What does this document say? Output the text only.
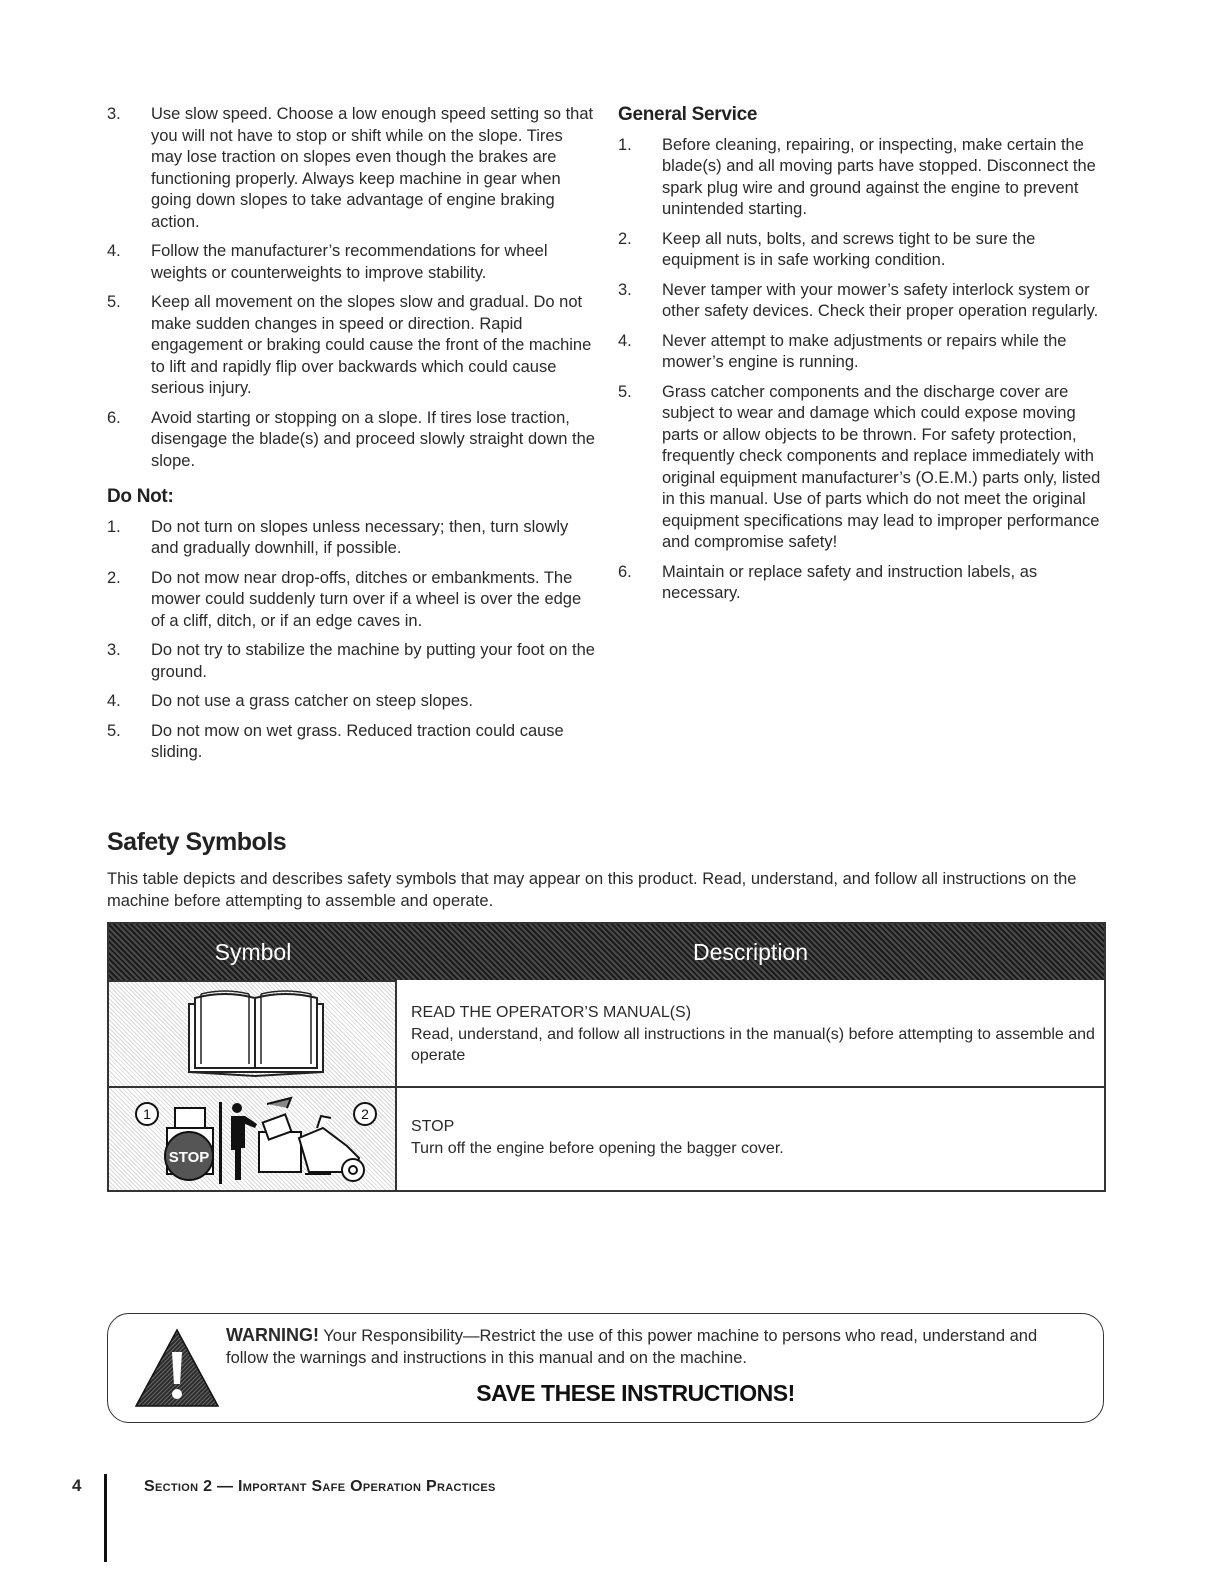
3. Use slow speed. Choose a low enough speed setting so that you will not have to stop or shift while on the slope. Tires may lose traction on slopes even though the brakes are functioning properly. Always keep machine in gear when going down slopes to take advantage of engine braking action.
4. Follow the manufacturer’s recommendations for wheel weights or counterweights to improve stability.
5. Keep all movement on the slopes slow and gradual. Do not make sudden changes in speed or direction. Rapid engagement or braking could cause the front of the machine to lift and rapidly flip over backwards which could cause serious injury.
6. Avoid starting or stopping on a slope. If tires lose traction, disengage the blade(s) and proceed slowly straight down the slope.
Do Not:
1. Do not turn on slopes unless necessary; then, turn slowly and gradually downhill, if possible.
2. Do not mow near drop-offs, ditches or embankments. The mower could suddenly turn over if a wheel is over the edge of a cliff, ditch, or if an edge caves in.
3. Do not try to stabilize the machine by putting your foot on the ground.
4. Do not use a grass catcher on steep slopes.
5. Do not mow on wet grass. Reduced traction could cause sliding.
General Service
1. Before cleaning, repairing, or inspecting, make certain the blade(s) and all moving parts have stopped. Disconnect the spark plug wire and ground against the engine to prevent unintended starting.
2. Keep all nuts, bolts, and screws tight to be sure the equipment is in safe working condition.
3. Never tamper with your mower’s safety interlock system or other safety devices. Check their proper operation regularly.
4. Never attempt to make adjustments or repairs while the mower’s engine is running.
5. Grass catcher components and the discharge cover are subject to wear and damage which could expose moving parts or allow objects to be thrown. For safety protection, frequently check components and replace immediately with original equipment manufacturer’s (O.E.M.) parts only, listed in this manual. Use of parts which do not meet the original equipment specifications may lead to improper performance and compromise safety!
6. Maintain or replace safety and instruction labels, as necessary.
Safety Symbols
This table depicts and describes safety symbols that may appear on this product. Read, understand, and follow all instructions on the machine before attempting to assemble and operate.
Symbol	Description
READ THE OPERATOR’S MANUAL(S)
Read, understand, and follow all instructions in the manual(s) before attempting to assemble and operate
1
STOP
2
STOP
Turn off the engine before opening the bagger cover.
WARNING! Your Responsibility—Restrict the use of this power machine to persons who read, understand and follow the warnings and instructions in this manual and on the machine.
SAVE THESE INSTRUCTIONS!
4	Section 2 — Important Safe Operation Practices
